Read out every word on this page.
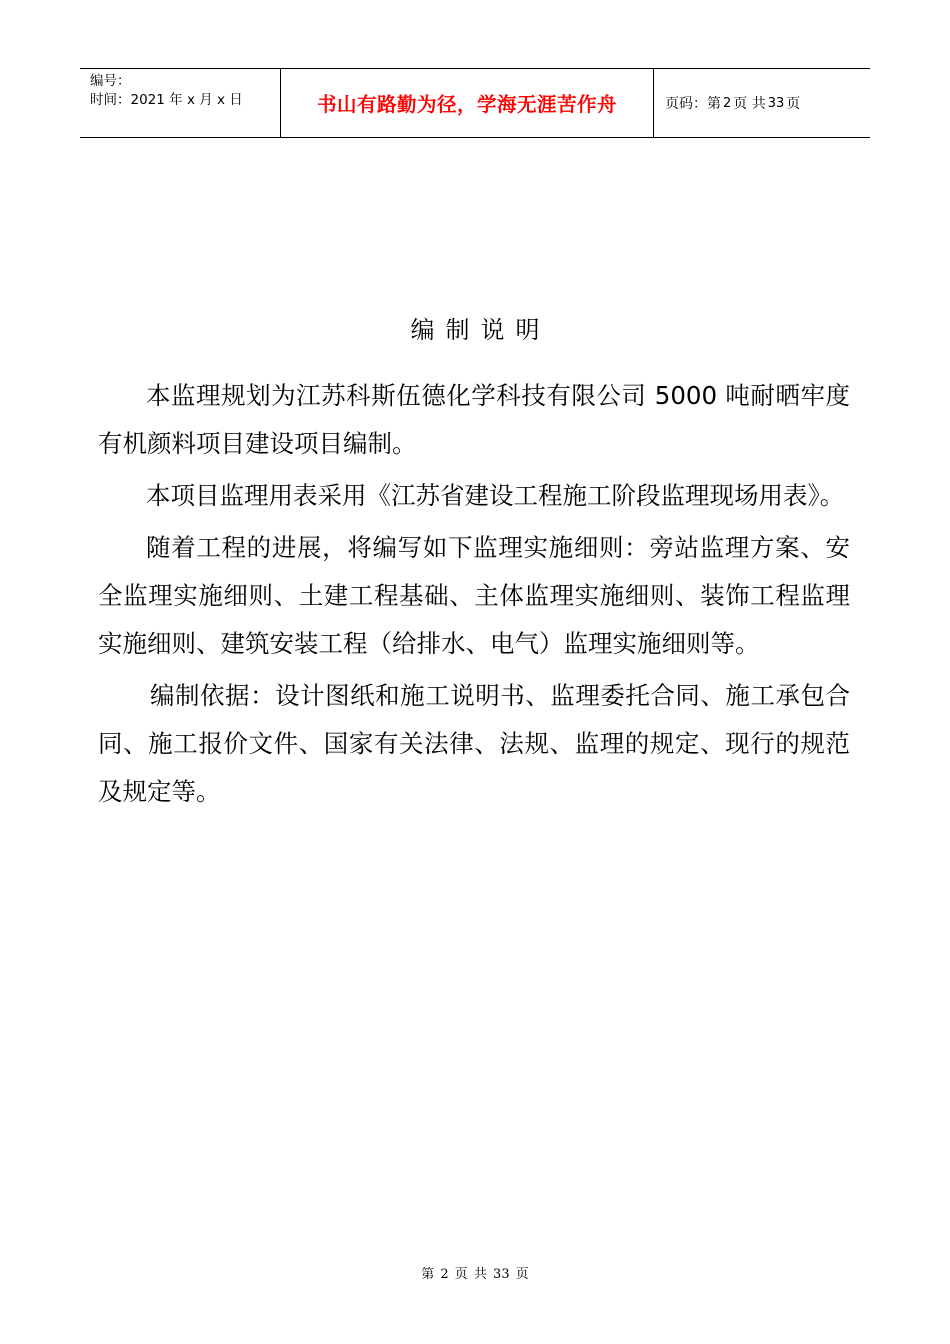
编号：
时间：2021 年 x 月 x 日	书山有路勤为径，学海无涯苦作舟	页码：第 2 页 共 33 页
编制说明

本监理规划为江苏科斯伍德化学科技有限公司 5000 吨耐晒牢度有机颜料项目建设项目编制。

本项目监理用表采用《江苏省建设工程施工阶段监理现场用表》。

随着工程的进展，将编写如下监理实施细则：旁站监理方案、安全监理实施细则、土建工程基础、主体监理实施细则、装饰工程监理实施细则、建筑安装工程（给排水、电气）监理实施细则等。

编制依据：设计图纸和施工说明书、监理委托合同、施工承包合同、施工报价文件、国家有关法律、法规、监理的规定、现行的规范及规定等。

第 2 页 共 33 页
